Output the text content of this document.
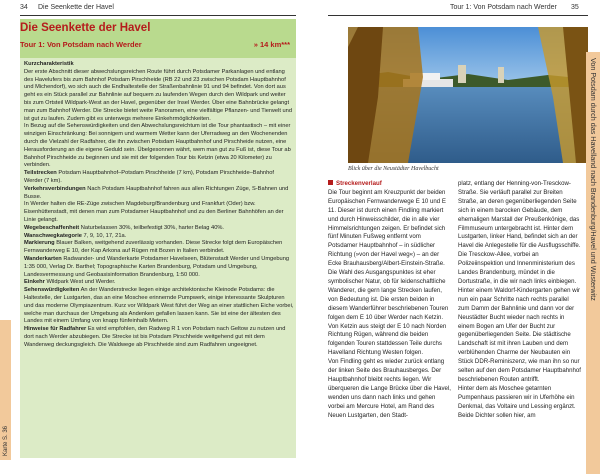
34 Die Seenkette der Havel
Die Seenkette der Havel
Tour 1: Von Potsdam nach Werder	» 14 km***

Kurzcharakteristik
Der erste Abschnitt dieser abwechslungsreichen Route führt durch Potsdamer Parkanlagen und entlang des Havelufers bis zum Bahnhof Potsdam Pirschheide (RB 22 und 23 zwischen Potsdam Hauptbahnhof und Michendorf), wo sich auch die Endhaltestelle der Straßenbahnlinie 91 und 94 befindet. Von dort aus geht es ein Stück parallel zur Bahnlinie auf bequem zu laufenden Wegen durch den Wildpark und weiter bis zum Ortsteil Wildpark-West an der Havel, gegenüber der Insel Werder. Über eine Bahnbrücke gelangt man zum Bahnhof Werder. Die Strecke bietet weite Panoramen, eine vielfältige Pflanzen- und Tierwelt und ist gut zu laufen. Zudem gibt es unterwegs mehrere Einkehrmöglichkeiten.

In Bezug auf die Sehenswürdigkeiten und den Abwechslungsreichtum ist die Tour phantastisch – mit einer winzigen Einschränkung: Bei sonnigem und warmem Wetter kann der Uferradweg an den Wochenenden durch die Vielzahl der Radfahrer, die ihn zwischen Potsdam Hauptbahnhof und Pirschheide nutzen, eine Herausforderung an die eigene Geduld sein. Übelgesonnen währt, wem man gut zu Fuß ist, diese Tour ab Bahnhof Pirschheide zu beginnen und sie mit der folgenden Tour bis Ketzin (etwa 20 Kilometer) zu verbinden.

Teilstrecken Potsdam Hauptbahnhof–Potsdam Pirschheide (7 km), Potsdam Pirschheide–Bahnhof Werder (7 km).

Verkehrsverbindungen Nach Potsdam Hauptbahnhof fahren aus allen Richtungen Züge, S-Bahnen und Busse.

In Werder halten die RE-Züge zwischen Magdeburg/Brandenburg und Frankfurt (Oder) bzw. Eisenhüttenstadt, mit denen man zum Potsdamer Hauptbahnhof und zu den Berliner Bahnhöfen an der Linie gelangt.

Wegebeschaffenheit Naturbelassen 30%, teilbefestigt 30%, harter Belag 40%.

Wanschwegkategorie 7, 9, 10, 17, 21a.

Markierung Blauer Balken, weitgehend zuverlässig vorhanden. Diese Strecke folgt dem Europäischen Fernwanderweg E 10, der Kap Arkona auf Rügen mit Bozen in Italien verbindet.

Wanderkarten Radwander- und Wanderkarte Potsdamer Havelseen, Blütenstadt Werder und Umgebung 1:35 000, Verlag Dr. Barthel; Topographische Karten Brandenburg, Potsdam und Umgebung, Landesvermessung und Geobasisinformation Brandenburg, 1:50 000.

Einkehr Wildpark West und Werder.

Sehenswürdigkeiten An der Wanderstrecke liegen einige architektonische Kleinode Potsdams: die Haltestelle, der Lustgarten, das an eine Moschee erinnernde Pumpwerk, einige interessante Skulpturen und das moderne Olympiazentrum. Kurz vor Wildpark West führt der Weg an einer stattlichen Eiche vorbei, welche man durchaus der Umgebung als Andenken gefallen lassen kann. Sie ist eine der ältesten des Landes mit einem Umfang von knapp fünfeinhalb Metern.

Hinweise für Radfahrer Es wird empfohlen, den Radweg R 1 von Potsdam nach Geltow zu nutzen und dort nach Werder abzubiegen. Die Strecke ist bis Potsdam Pirschheide weitgehend gut mit dem Wanderweg deckungsgleich. Die Waldwege ab Pirschheide sind zum Radfahren ungeeignet.

Karte S. 36
Tour 1: Von Potsdam nach Werder 35
Blick über die Neustädter Havelbucht

Streckenverlauf

Die Tour beginnt am Kreuzpunkt der beiden Europäischen Fernwanderwege E 10 und E 11. Dieser ist durch einen Findling markiert und durch Hinweisschilder, die in alle vier Himmelsrichtungen zeigen. Er befindet sich fünf Minuten Fußweg entfernt vom Potsdamer Hauptbahnhof – in südlicher Richtung (»von der Havel weg«) – an der Ecke Brauhausberg/Albert-Einstein-Straße.

Die Wahl des Ausgangspunktes ist eher symbolischer Natur, ob für leidenschaftliche Wanderer, die gern lange Strecken laufen, von Bedeutung ist. Die ersten beiden in diesem Wanderführer beschriebenen Touren folgen dem E 10 über Werder nach Ketzin. Von Ketzin aus steigt der E 10 nach Norden Richtung Rügen, während die beiden folgenden Touren stattdessen Teile durchs Havelland Richtung Westen folgen.

Von Findling geht es wieder zurück entlang der linken Seite des Brauhausberges. Der Hauptbahnhof bleibt rechts liegen. Wir überqueren die Lange Brücke über die Havel, wenden uns dann nach links und gehen vorbei am Mercure Hotel, am Rand des Neuen Lustgarten, den Stadt-

platz, entlang der Henning-von-Tresckow-Straße. Sie verläuft parallel zur Breiten Straße, an deren gegenüberliegenden Seite sich in einem barocken Gebäude, dem ehemaligen Marstall der Preußenkönige, das Filmmuseum untergebracht ist. Hinter dem Lustgarten, linker Hand, befindet sich an der Havel die Anlegestelle für die Ausflugsschiffe.

Die Tresckow-Allee, vorbei an Polizeiinspektion und Innenministerium des Landes Brandenburg, mündet in die Dortustraße, in die wir nach links einbiegen. Hinter einem Waldorf-Kindergarten gehen wir nun ein paar Schritte nach rechts parallel zum Damm der Bahnlinie und dann vor der Neustädter Bucht wieder nach rechts in einem Bogen am Ufer der Bucht zur gegenüberliegenden Seite. Die städtische Landschaft ist mit ihren Lauben und dem verblühenden Charme der Neubauten ein Stück DDR-Reminiszenz, wie man ihn so nur selten auf den dem Potsdamer Hauptbahnhof beschriebenen Routen antrifft.

Hinter dem als Moschee getarnten Pumpenhaus passieren wir in Uferhöhe ein Denkmal, das Voltaire und Lessing ergänzt. Beide Dichter sollen hier, am

Von Potsdam durch das Havelland nach Brandenburg/Havel und Wusterwitz
